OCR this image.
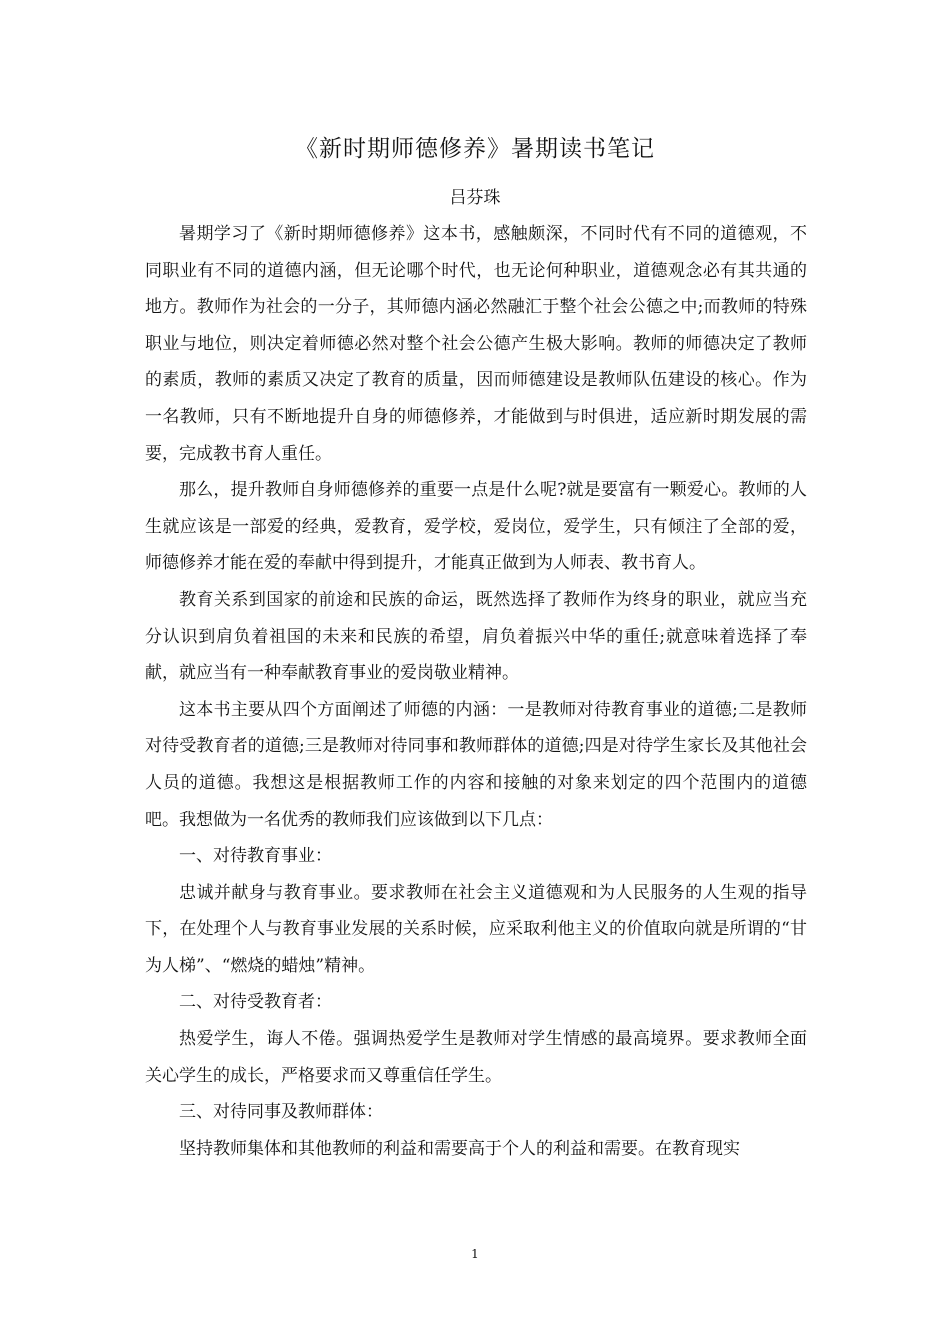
《新时期师德修养》暑期读书笔记
吕芬珠

暑期学习了《新时期师德修养》这本书，感触颇深，不同时代有不同的道德观，不同职业有不同的道德内涵，但无论哪个时代，也无论何种职业，道德观念必有其共通的地方。教师作为社会的一分子，其师德内涵必然融汇于整个社会公德之中;而教师的特殊职业与地位，则决定着师德必然对整个社会公德产生极大影响。教师的师德决定了教师的素质，教师的素质又决定了教育的质量，因而师德建设是教师队伍建设的核心。作为一名教师，只有不断地提升自身的师德修养，才能做到与时俱进，适应新时期发展的需要，完成教书育人重任。

那么，提升教师自身师德修养的重要一点是什么呢?就是要富有一颗爱心。教师的人生就应该是一部爱的经典，爱教育，爱学校，爱岗位，爱学生，只有倾注了全部的爱，师德修养才能在爱的奉献中得到提升，才能真正做到为人师表、教书育人。

教育关系到国家的前途和民族的命运，既然选择了教师作为终身的职业，就应当充分认识到肩负着祖国的未来和民族的希望，肩负着振兴中华的重任;就意味着选择了奉献，就应当有一种奉献教育事业的爱岗敬业精神。

这本书主要从四个方面阐述了师德的内涵：一是教师对待教育事业的道德;二是教师对待受教育者的道德;三是教师对待同事和教师群体的道德;四是对待学生家长及其他社会人员的道德。我想这是根据教师工作的内容和接触的对象来划定的四个范围内的道德吧。我想做为一名优秀的教师我们应该做到以下几点：

一、对待教育事业：

忠诚并献身与教育事业。要求教师在社会主义道德观和为人民服务的人生观的指导下，在处理个人与教育事业发展的关系时候，应采取利他主义的价值取向就是所谓的“甘为人梯”、“燃烧的蜡烛”精神。

二、对待受教育者：

热爱学生，诲人不倦。强调热爱学生是教师对学生情感的最高境界。要求教师全面关心学生的成长，严格要求而又尊重信任学生。

三、对待同事及教师群体：

坚持教师集体和其他教师的利益和需要高于个人的利益和需要。在教育现实

1
